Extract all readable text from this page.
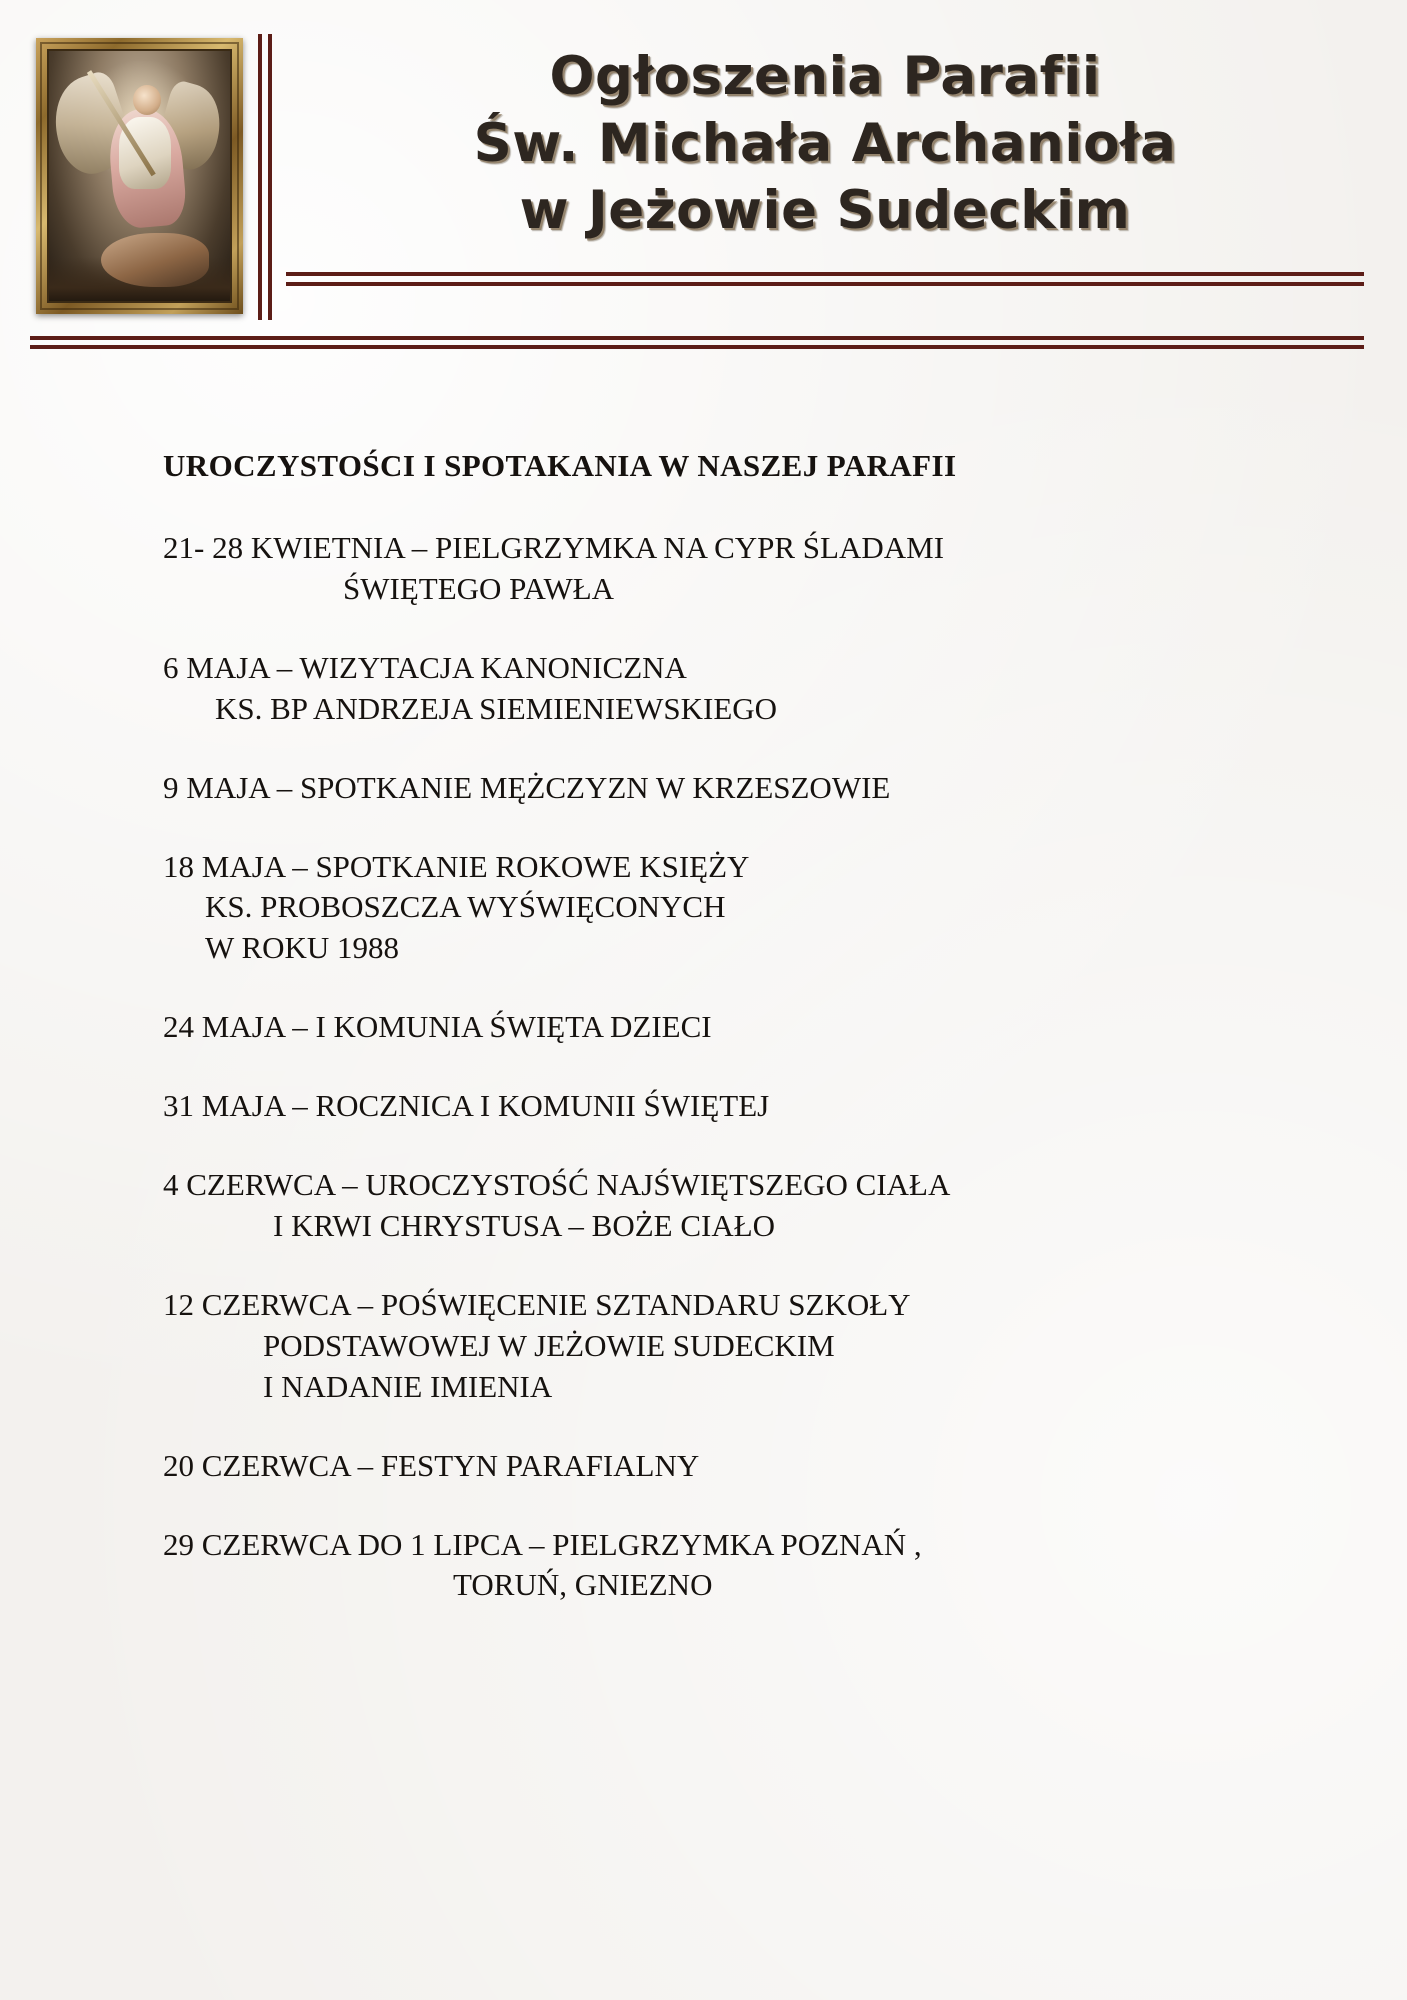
Ogłoszenia Parafii
Św. Michała Archanioła
w Jeżowie Sudeckim
UROCZYSTOŚCI I SPOTAKANIA W NASZEJ PARAFII
21- 28 KWIETNIA – PIELGRZYMKA NA CYPR ŚLADAMI
ŚWIĘTEGO PAWŁA
6 MAJA – WIZYTACJA KANONICZNA
KS. BP ANDRZEJA SIEMIENIEWSKIEGO
9 MAJA – SPOTKANIE MĘŻCZYZN W KRZESZOWIE
18 MAJA – SPOTKANIE ROKOWE KSIĘŻY
KS. PROBOSZCZA WYŚWIĘCONYCH
W ROKU 1988
24 MAJA – I KOMUNIA ŚWIĘTA DZIECI
31 MAJA – ROCZNICA I KOMUNII ŚWIĘTEJ
4 CZERWCA – UROCZYSTOŚĆ NAJŚWIĘTSZEGO CIAŁA
I KRWI CHRYSTUSA – BOŻE CIAŁO
12 CZERWCA – POŚWIĘCENIE SZTANDARU SZKOŁY
PODSTAWOWEJ W JEŻOWIE SUDECKIM
I NADANIE IMIENIA
20 CZERWCA – FESTYN PARAFIALNY
29 CZERWCA DO 1 LIPCA – PIELGRZYMKA POZNAŃ ,
TORUŃ, GNIEZNO
